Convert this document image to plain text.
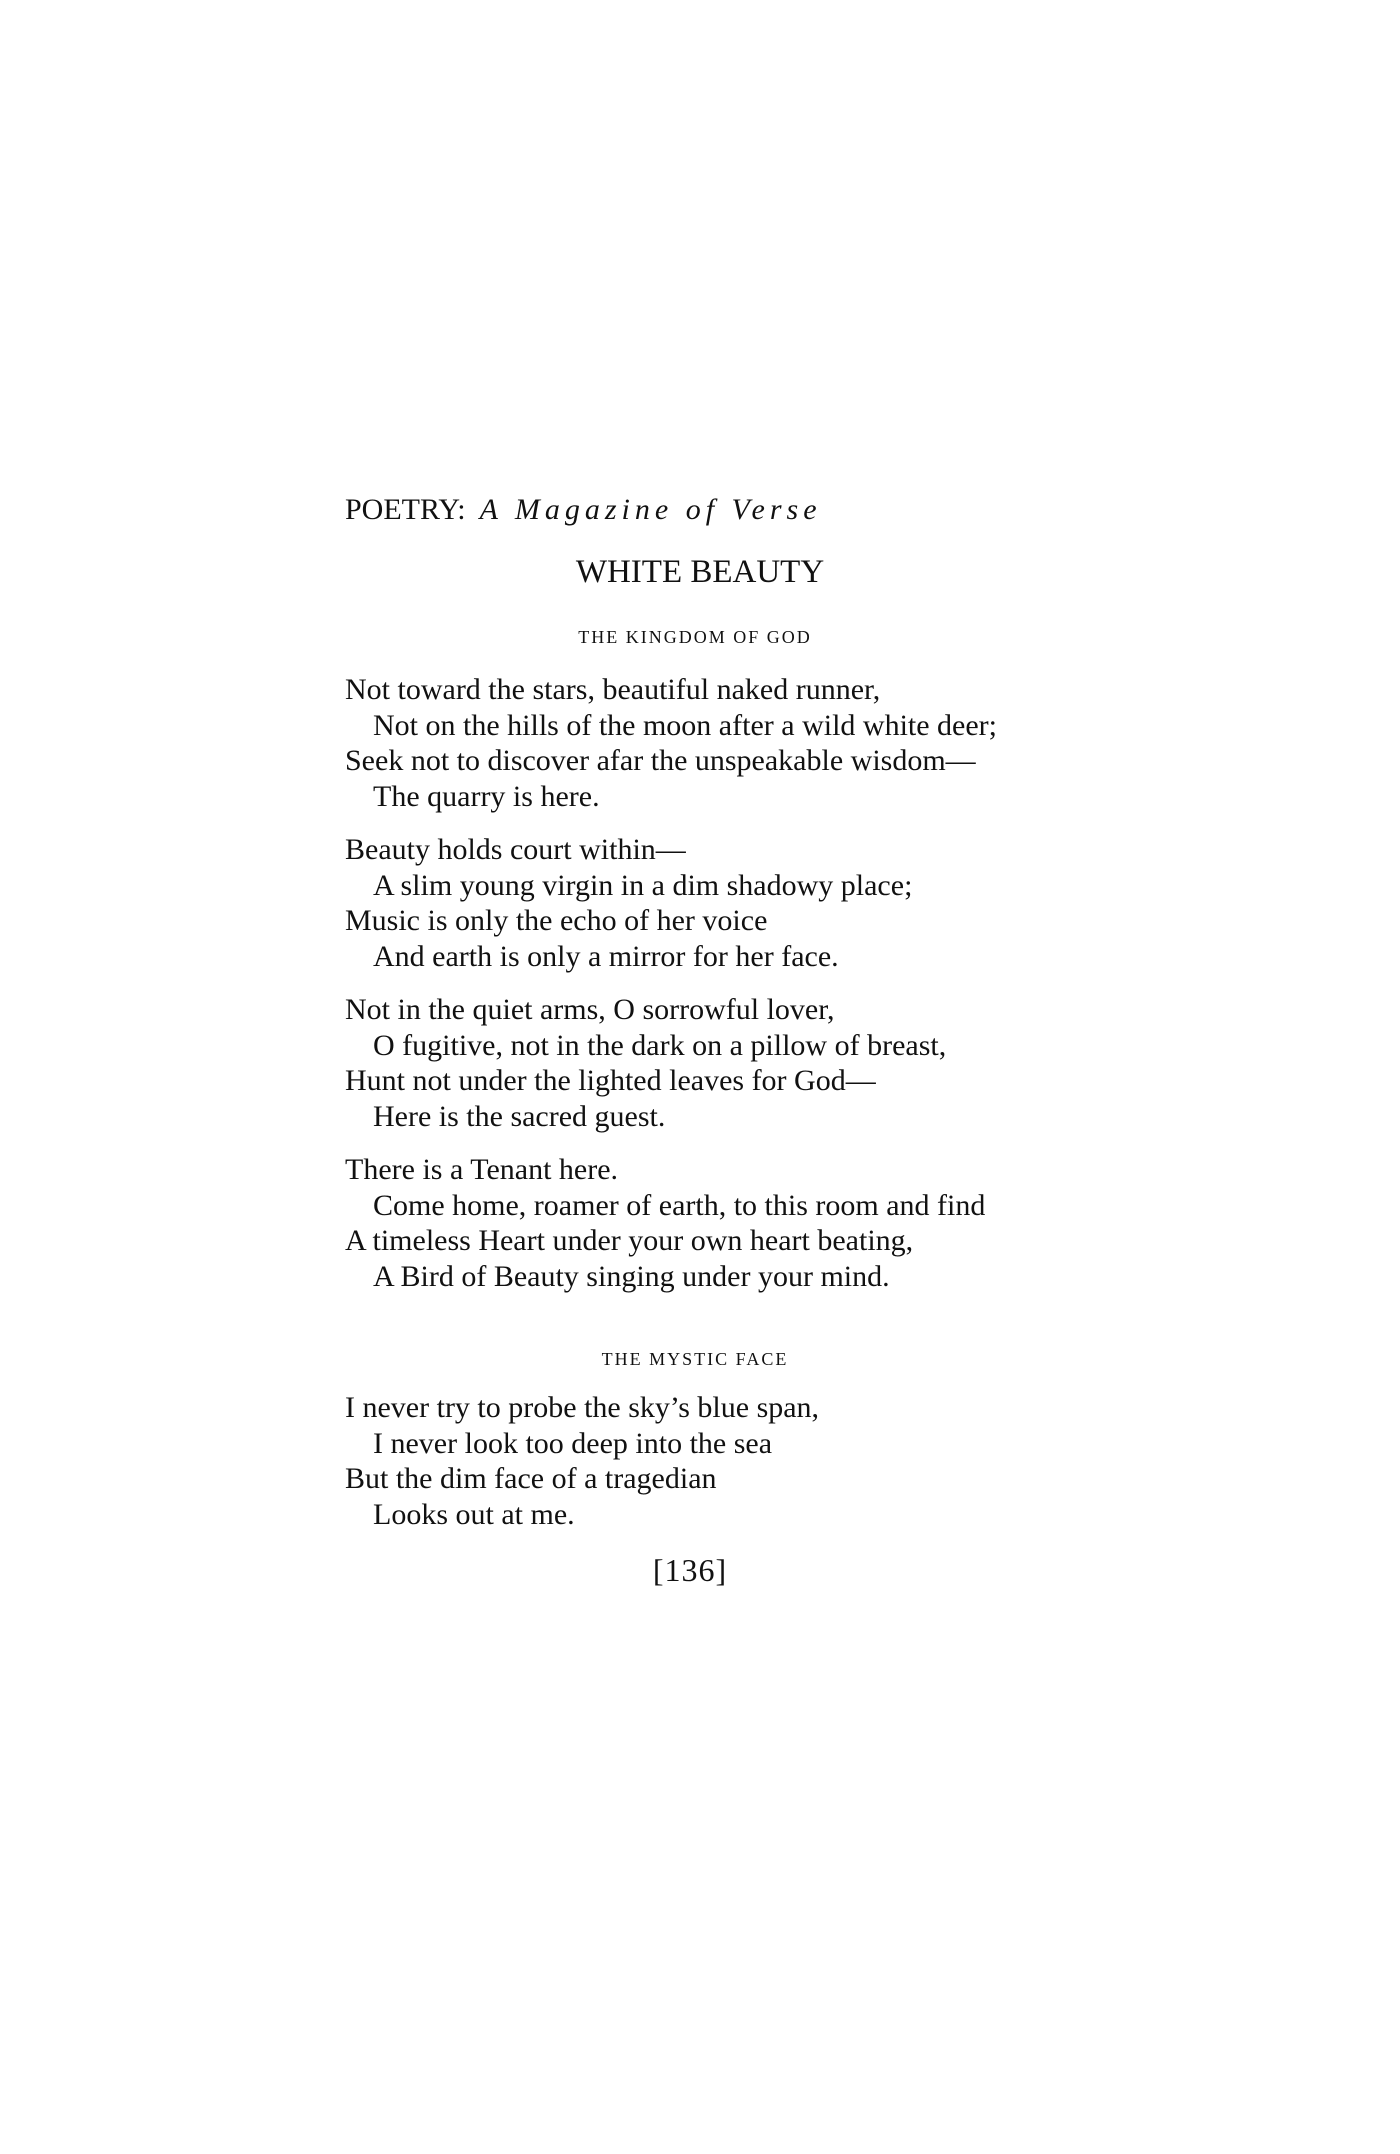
POETRY: A Magazine of Verse
WHITE BEAUTY
THE KINGDOM OF GOD
Not toward the stars, beautiful naked runner,
Not on the hills of the moon after a wild white deer;
Seek not to discover afar the unspeakable wisdom—
The quarry is here.
Beauty holds court within—
A slim young virgin in a dim shadowy place;
Music is only the echo of her voice
And earth is only a mirror for her face.
Not in the quiet arms, O sorrowful lover,
O fugitive, not in the dark on a pillow of breast,
Hunt not under the lighted leaves for God—
Here is the sacred guest.
There is a Tenant here.
Come home, roamer of earth, to this room and find
A timeless Heart under your own heart beating,
A Bird of Beauty singing under your mind.
THE MYSTIC FACE
I never try to probe the sky’s blue span,
I never look too deep into the sea
But the dim face of a tragedian
Looks out at me.
[136]
